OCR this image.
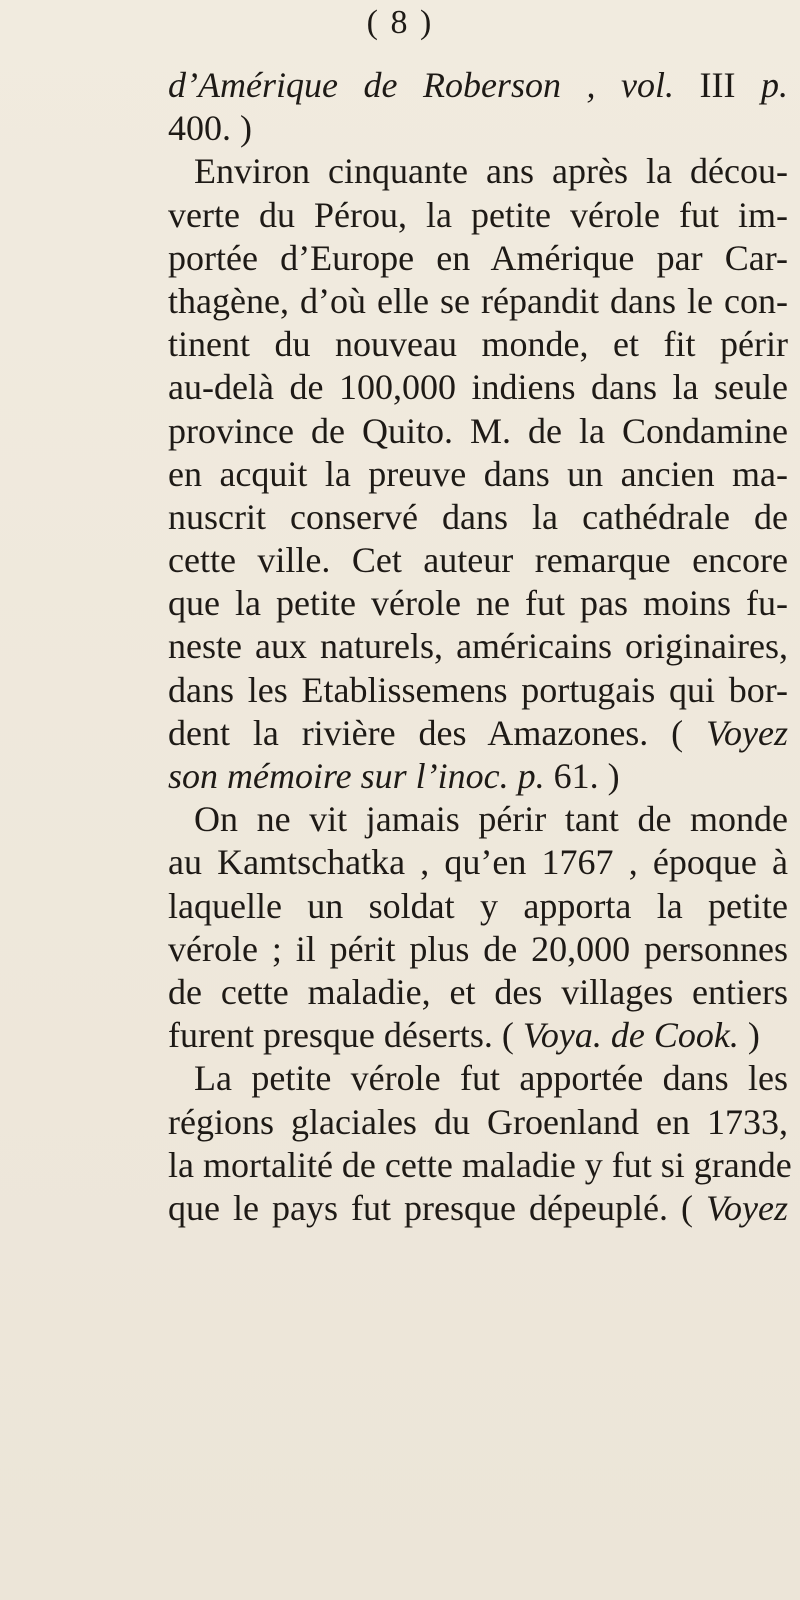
( 8 )
d’Amérique de Roberson , vol. III p.
400. )
Environ cinquante ans après la décou-
verte du Pérou, la petite vérole fut im-
portée d’Europe en Amérique par Car-
thagène, d’où elle se répandit dans le con-
tinent du nouveau monde, et fit périr
au-delà de 100,000 indiens dans la seule
province de Quito. M. de la Condamine
en acquit la preuve dans un ancien ma-
nuscrit conservé dans la cathédrale de
cette ville. Cet auteur remarque encore
que la petite vérole ne fut pas moins fu-
neste aux naturels, américains originaires,
dans les Etablissemens portugais qui bor-
dent la rivière des Amazones. ( Voyez
son mémoire sur l’inoc. p. 61. )
On ne vit jamais périr tant de monde
au Kamtschatka , qu’en 1767 , époque à
laquelle un soldat y apporta la petite
vérole ; il périt plus de 20,000 personnes
de cette maladie, et des villages entiers
furent presque déserts. ( Voya. de Cook. )
La petite vérole fut apportée dans les
régions glaciales du Groenland en 1733,
la mortalité de cette maladie y fut si grande
que le pays fut presque dépeuplé. ( Voyez
